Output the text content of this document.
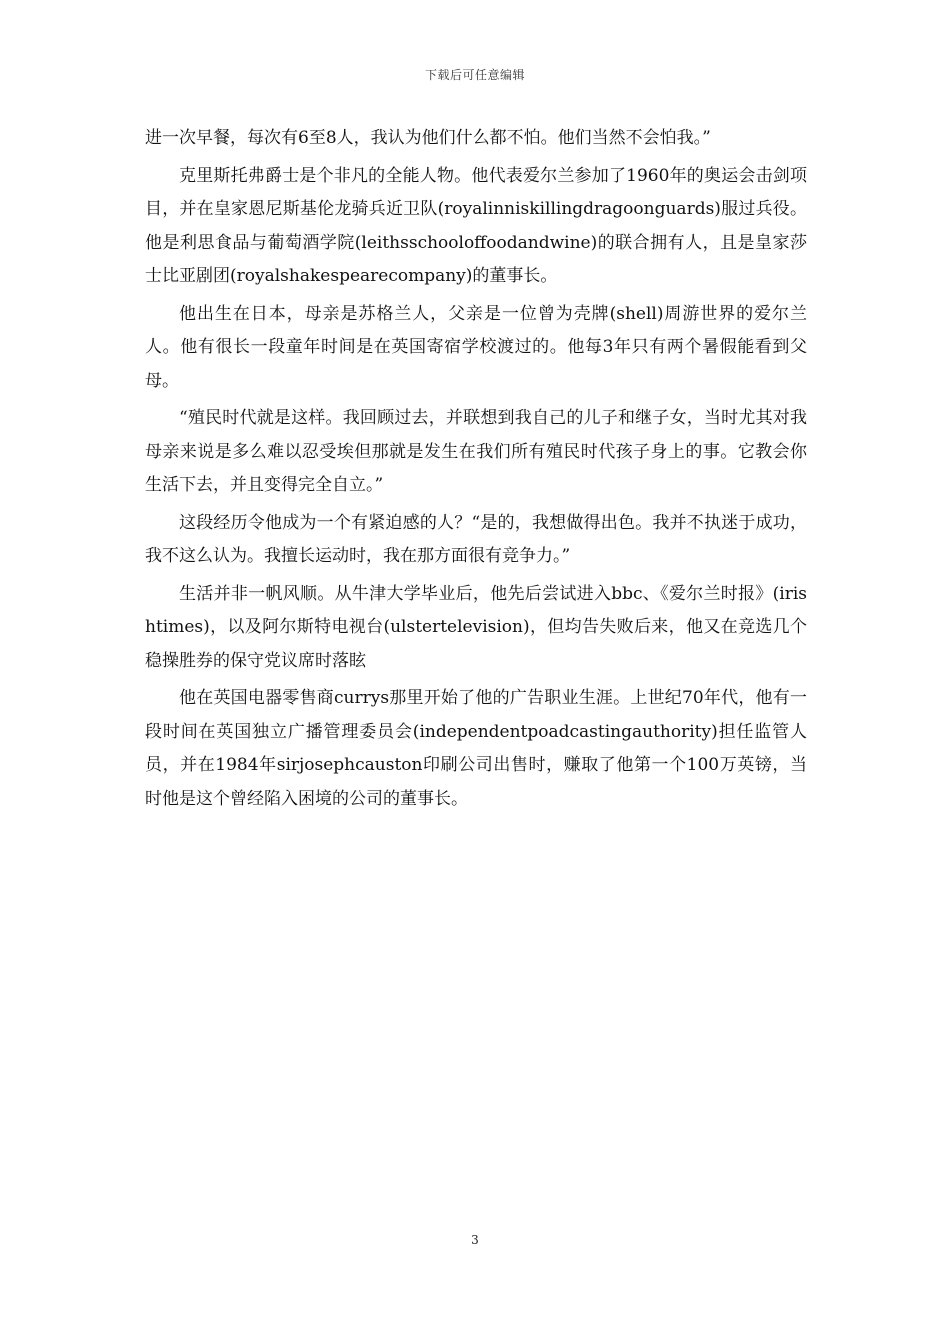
下载后可任意编辑

进一次早餐，每次有6至8人，我认为他们什么都不怕。他们当然不会怕我。”

克里斯托弗爵士是个非凡的全能人物。他代表爱尔兰参加了1960年的奥运会击剑项目，并在皇家恩尼斯基伦龙骑兵近卫队(royalinniskillingdragoonguards)服过兵役。他是利思食品与葡萄酒学院(leithsschooloffoodandwine)的联合拥有人，且是皇家莎士比亚剧团(royalshakespearecompany)的董事长。

他出生在日本，母亲是苏格兰人，父亲是一位曾为壳牌(shell)周游世界的爱尔兰人。他有很长一段童年时间是在英国寄宿学校渡过的。他每3年只有两个暑假能看到父母。

“殖民时代就是这样。我回顾过去，并联想到我自己的儿子和继子女，当时尤其对我母亲来说是多么难以忍受埃但那就是发生在我们所有殖民时代孩子身上的事。它教会你生活下去，并且变得完全自立。”

这段经历令他成为一个有紧迫感的人？“是的，我想做得出色。我并不执迷于成功，我不这么认为。我擅长运动时，我在那方面很有竞争力。”

生活并非一帆风顺。从牛津大学毕业后，他先后尝试进入bbc、《爱尔兰时报》(irishtimes)，以及阿尔斯特电视台(ulstertelevision)，但均告失败后来，他又在竞选几个稳操胜券的保守党议席时落眩

他在英国电器零售商currys那里开始了他的广告职业生涯。上世纪70年代，他有一段时间在英国独立广播管理委员会(independentpoadcastingauthority)担任监管人员，并在1984年sirjosephcauston印刷公司出售时，赚取了他第一个100万英镑，当时他是这个曾经陷入困境的公司的董事长。

3
